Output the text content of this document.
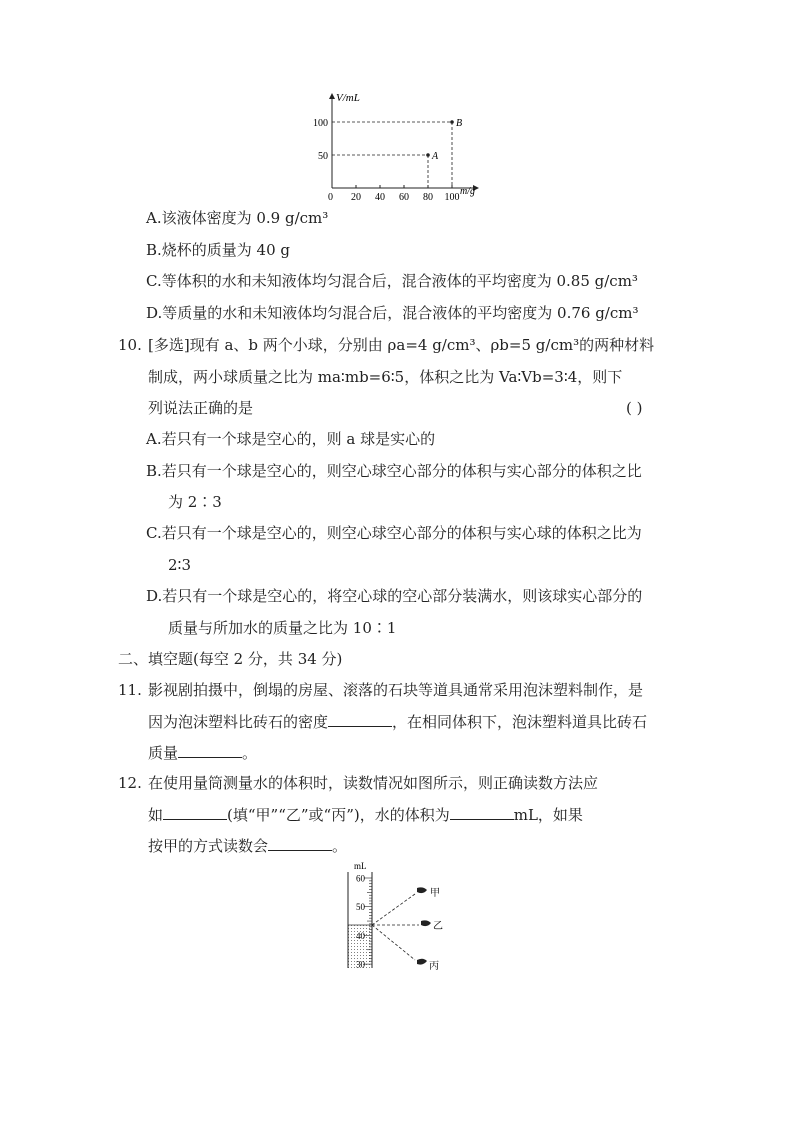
V/mL
m/g
0 20 40 60 80 100
50
100
A
B
A.该液体密度为 0.9 g/cm³
B.烧杯的质量为 40 g
C.等体积的水和未知液体均匀混合后，混合液体的平均密度为 0.85 g/cm³
D.等质量的水和未知液体均匀混合后，混合液体的平均密度为 0.76 g/cm³
10. [多选]现有 a、b 两个小球，分别由 ρa=4 g/cm³、ρb=5 g/cm³的两种材料
制成，两小球质量之比为 ma∶mb=6∶5，体积之比为 Va∶Vb=3∶4，则下
列说法正确的是	( )
A.若只有一个球是空心的，则 a 球是实心的
B.若只有一个球是空心的，则空心球空心部分的体积与实心部分的体积之比
为 2∶3
C.若只有一个球是空心的，则空心球空心部分的体积与实心球的体积之比为
2∶3
D.若只有一个球是空心的，将空心球的空心部分装满水，则该球实心部分的
质量与所加水的质量之比为 10∶1
二、填空题(每空 2 分，共 34 分)
11. 影视剧拍摄中，倒塌的房屋、滚落的石块等道具通常采用泡沫塑料制作，是
因为泡沫塑料比砖石的密度	，在相同体积下，泡沫塑料道具比砖石
质量	。
12. 在使用量筒测量水的体积时，读数情况如图所示，则正确读数方法应
如	(填“甲”“乙”或“丙”)，水的体积为	mL，如果
按甲的方式读数会	。
mL
60
50
40
30
甲
乙
丙
